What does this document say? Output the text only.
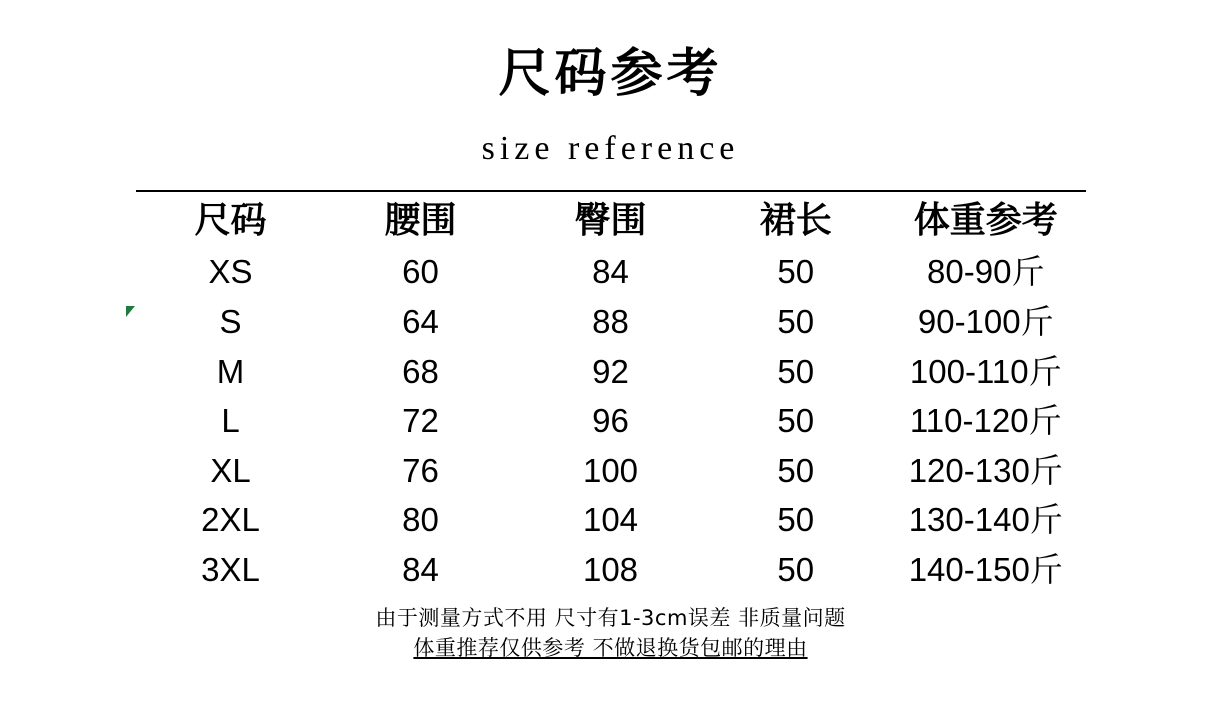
尺码参考
size reference
尺码	腰围	臀围	裙长	体重参考
XS	60	84	50	80-90斤
S	64	88	50	90-100斤
M	68	92	50	100-110斤
L	72	96	50	110-120斤
XL	76	100	50	120-130斤
2XL	80	104	50	130-140斤
3XL	84	108	50	140-150斤
由于测量方式不用 尺寸有1-3cm误差 非质量问题
体重推荐仅供参考 不做退换货包邮的理由
